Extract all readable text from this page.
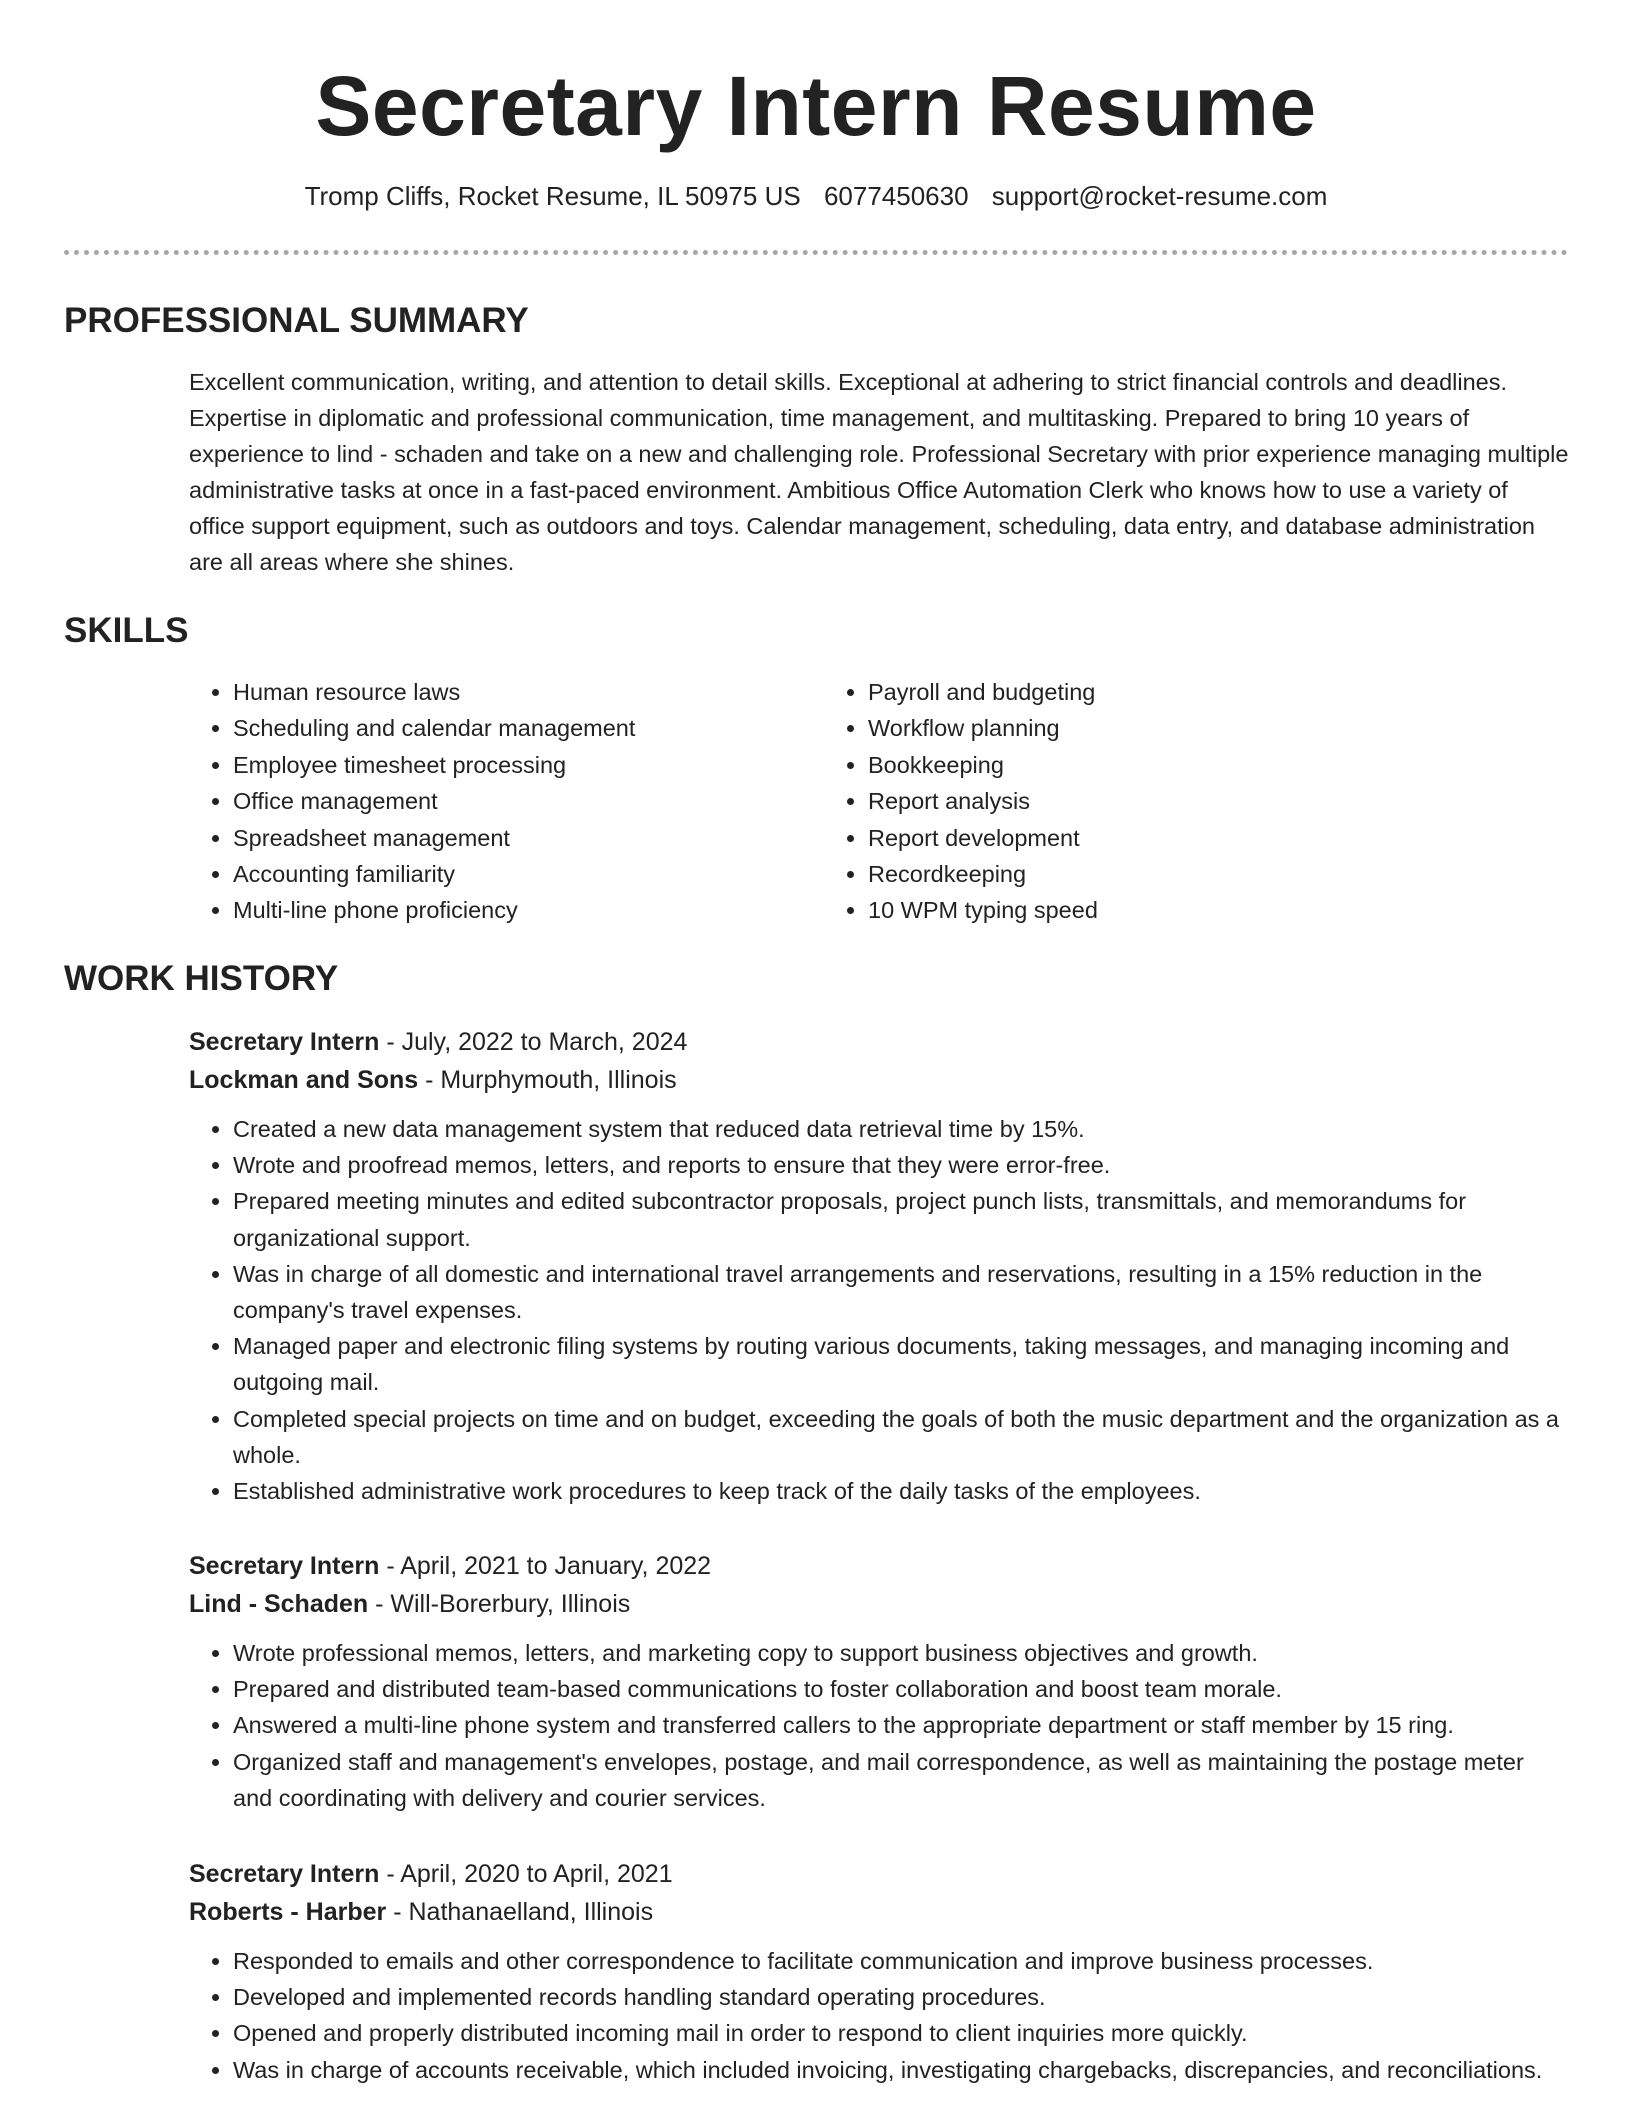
Secretary Intern Resume
Tromp Cliffs, Rocket Resume, IL 50975 US 6077450630 support@rocket-resume.com
PROFESSIONAL SUMMARY

Excellent communication, writing, and attention to detail skills. Exceptional at adhering to strict financial controls and deadlines. Expertise in diplomatic and professional communication, time management, and multitasking. Prepared to bring 10 years of experience to lind - schaden and take on a new and challenging role. Professional Secretary with prior experience managing multiple administrative tasks at once in a fast-paced environment. Ambitious Office Automation Clerk who knows how to use a variety of office support equipment, such as outdoors and toys. Calendar management, scheduling, data entry, and database administration are all areas where she shines.

SKILLS
• Human resource laws
• Scheduling and calendar management
• Employee timesheet processing
• Office management
• Spreadsheet management
• Accounting familiarity
• Multi-line phone proficiency
• Payroll and budgeting
• Workflow planning
• Bookkeeping
• Report analysis
• Report development
• Recordkeeping
• 10 WPM typing speed
WORK HISTORY

Secretary Intern - July, 2022 to March, 2024

Lockman and Sons - Murphymouth, Illinois

• Created a new data management system that reduced data retrieval time by 15%.
• Wrote and proofread memos, letters, and reports to ensure that they were error-free.
• Prepared meeting minutes and edited subcontractor proposals, project punch lists, transmittals, and memorandums for organizational support.
• Was in charge of all domestic and international travel arrangements and reservations, resulting in a 15% reduction in the company's travel expenses.
• Managed paper and electronic filing systems by routing various documents, taking messages, and managing incoming and outgoing mail.
• Completed special projects on time and on budget, exceeding the goals of both the music department and the organization as a whole.
• Established administrative work procedures to keep track of the daily tasks of the employees.

Secretary Intern - April, 2021 to January, 2022

Lind - Schaden - Will-Borerbury, Illinois

• Wrote professional memos, letters, and marketing copy to support business objectives and growth.
• Prepared and distributed team-based communications to foster collaboration and boost team morale.
• Answered a multi-line phone system and transferred callers to the appropriate department or staff member by 15 ring.
• Organized staff and management's envelopes, postage, and mail correspondence, as well as maintaining the postage meter and coordinating with delivery and courier services.

Secretary Intern - April, 2020 to April, 2021

Roberts - Harber - Nathanaelland, Illinois

• Responded to emails and other correspondence to facilitate communication and improve business processes.
• Developed and implemented records handling standard operating procedures.
• Opened and properly distributed incoming mail in order to respond to client inquiries more quickly.
• Was in charge of accounts receivable, which included invoicing, investigating chargebacks, discrepancies, and reconciliations.
